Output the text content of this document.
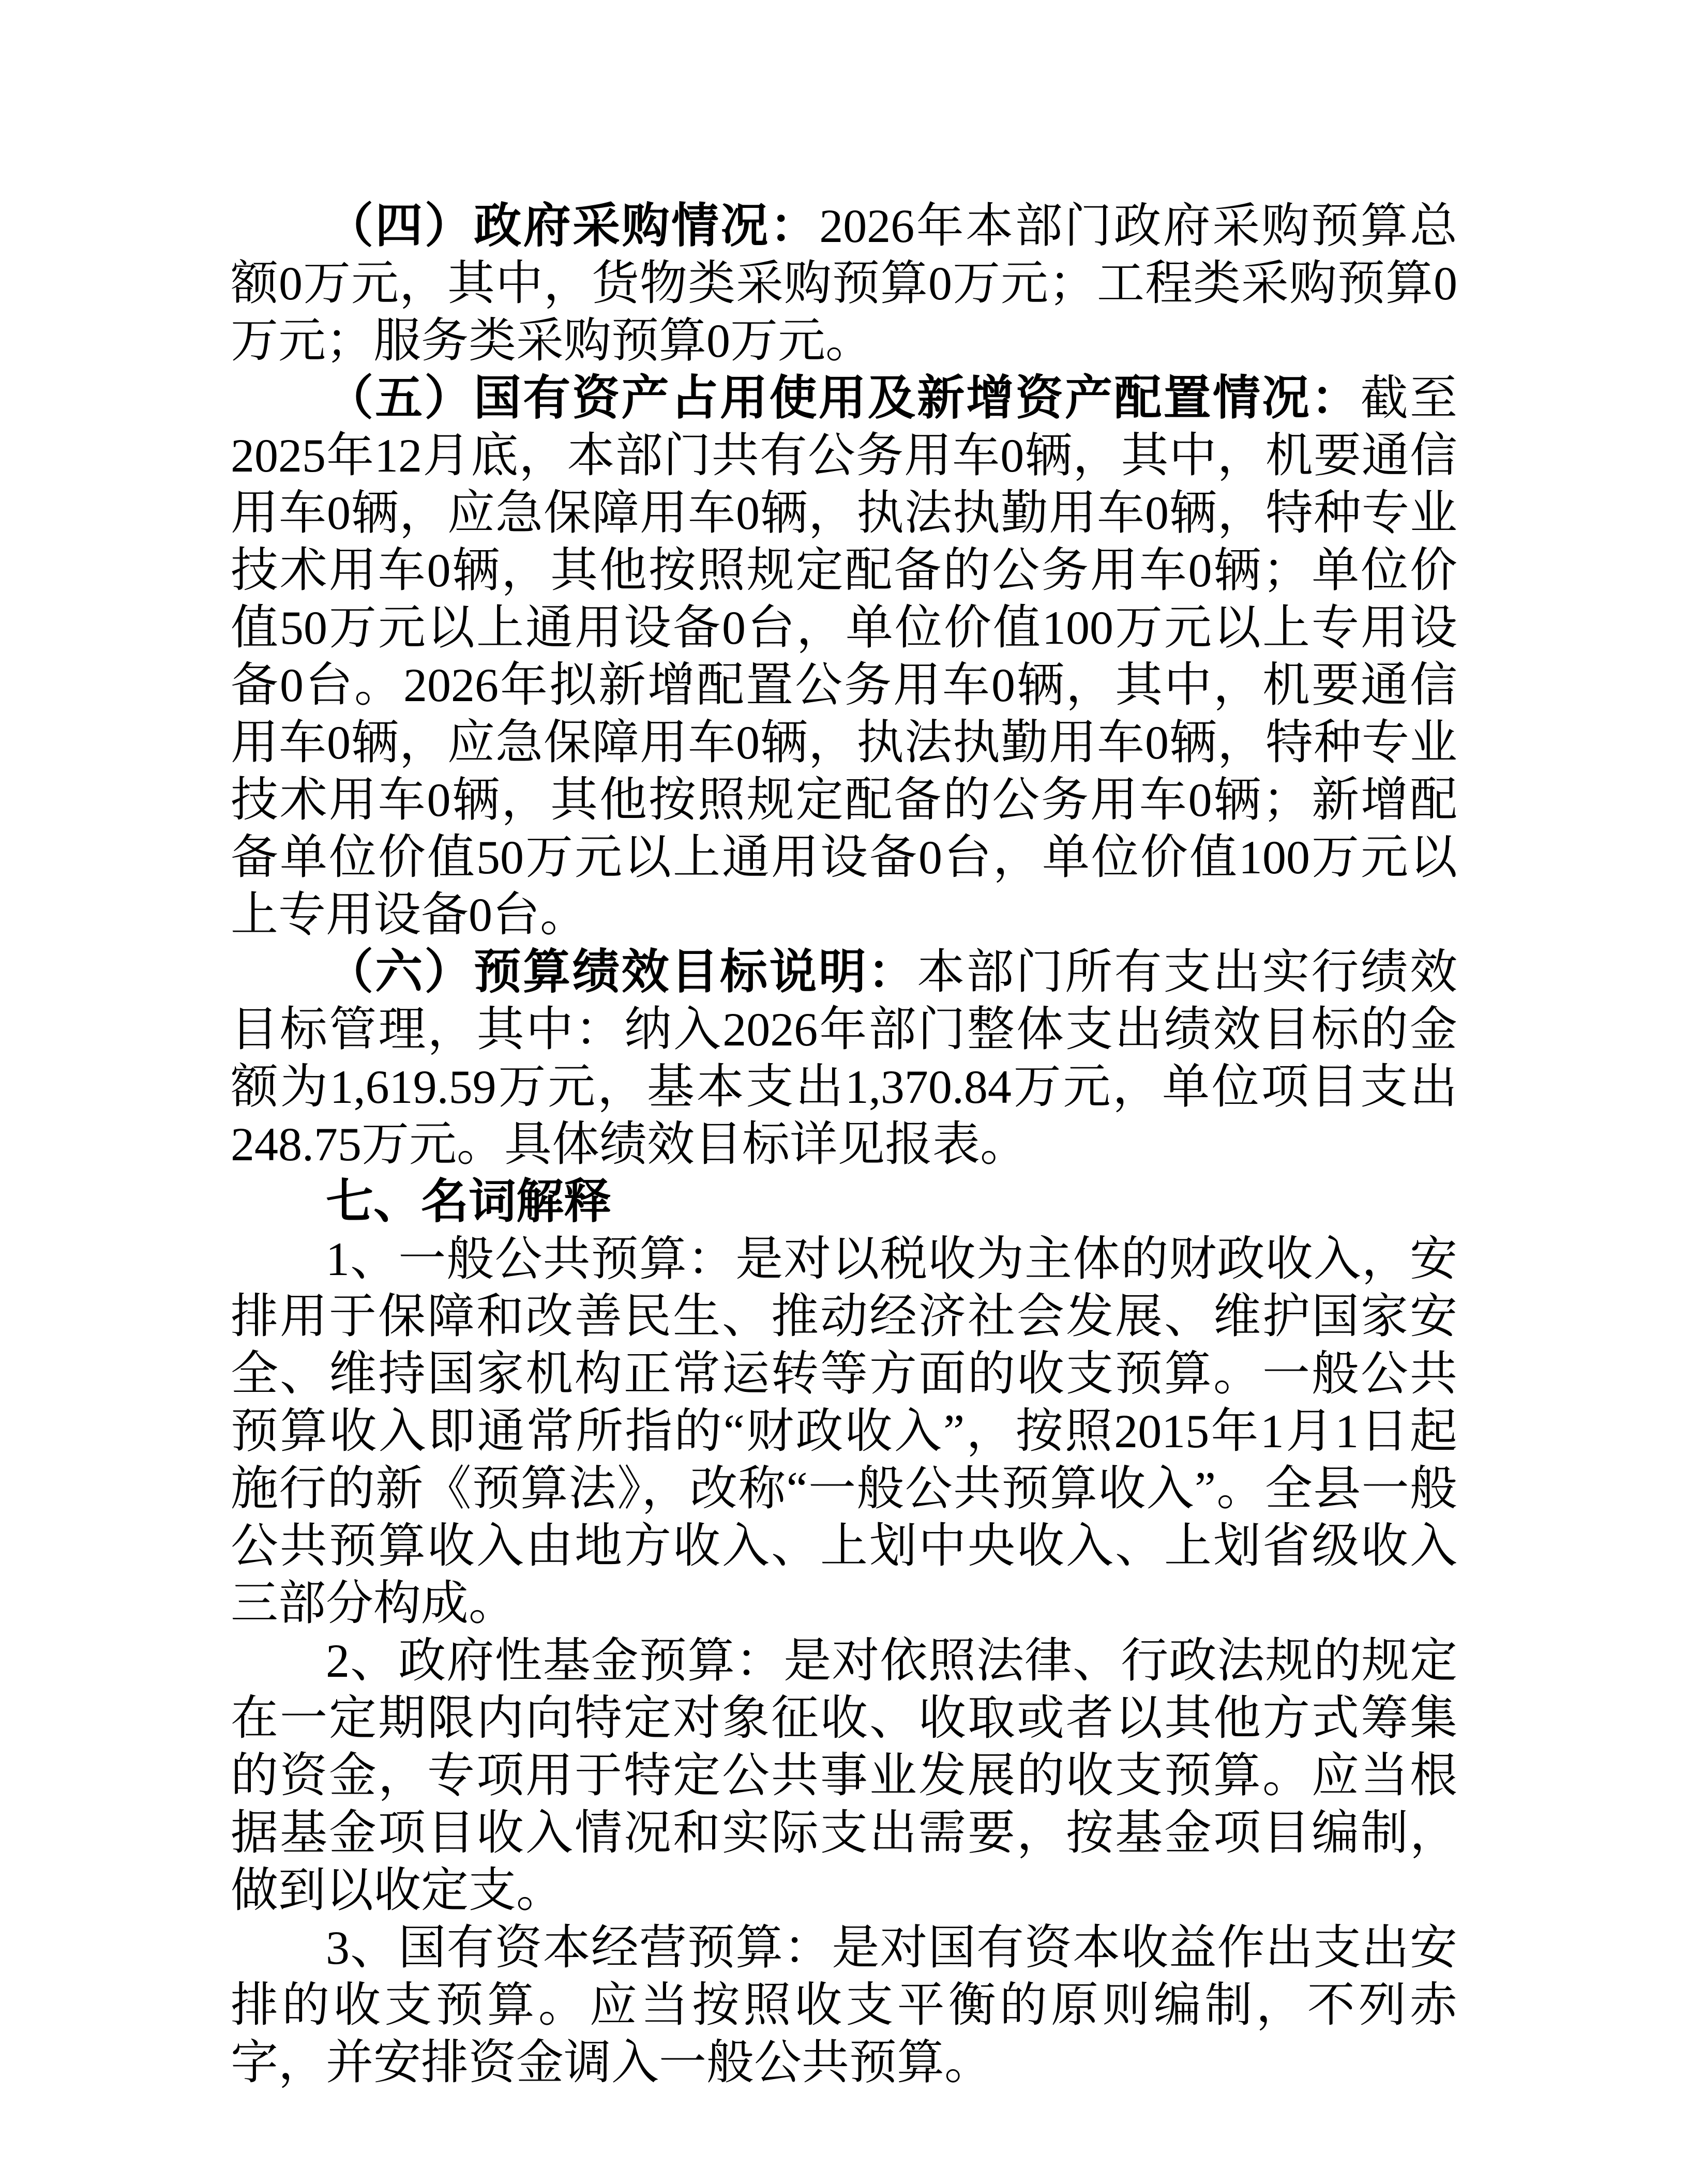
（四）政府采购情况：2026年本部门政府采购预算总额0万元，其中，货物类采购预算0万元；工程类采购预算0万元；服务类采购预算0万元。

（五）国有资产占用使用及新增资产配置情况：截至2025年12月底，本部门共有公务用车0辆，其中，机要通信用车0辆，应急保障用车0辆，执法执勤用车0辆，特种专业技术用车0辆，其他按照规定配备的公务用车0辆；单位价值50万元以上通用设备0台，单位价值100万元以上专用设备0台。2026年拟新增配置公务用车0辆，其中，机要通信用车0辆，应急保障用车0辆，执法执勤用车0辆，特种专业技术用车0辆，其他按照规定配备的公务用车0辆；新增配备单位价值50万元以上通用设备0台，单位价值100万元以上专用设备0台。

（六）预算绩效目标说明：本部门所有支出实行绩效目标管理，其中：纳入2026年部门整体支出绩效目标的金额为1,619.59万元，基本支出1,370.84万元，单位项目支出248.75万元。具体绩效目标详见报表。

七、名词解释

1、一般公共预算：是对以税收为主体的财政收入，安排用于保障和改善民生、推动经济社会发展、维护国家安全、维持国家机构正常运转等方面的收支预算。一般公共预算收入即通常所指的“财政收入”，按照2015年1月1日起施行的新《预算法》，改称“一般公共预算收入”。全县一般公共预算收入由地方收入、上划中央收入、上划省级收入三部分构成。

2、政府性基金预算：是对依照法律、行政法规的规定在一定期限内向特定对象征收、收取或者以其他方式筹集的资金，专项用于特定公共事业发展的收支预算。应当根据基金项目收入情况和实际支出需要，按基金项目编制，做到以收定支。

3、国有资本经营预算：是对国有资本收益作出支出安排的收支预算。应当按照收支平衡的原则编制，不列赤字，并安排资金调入一般公共预算。
